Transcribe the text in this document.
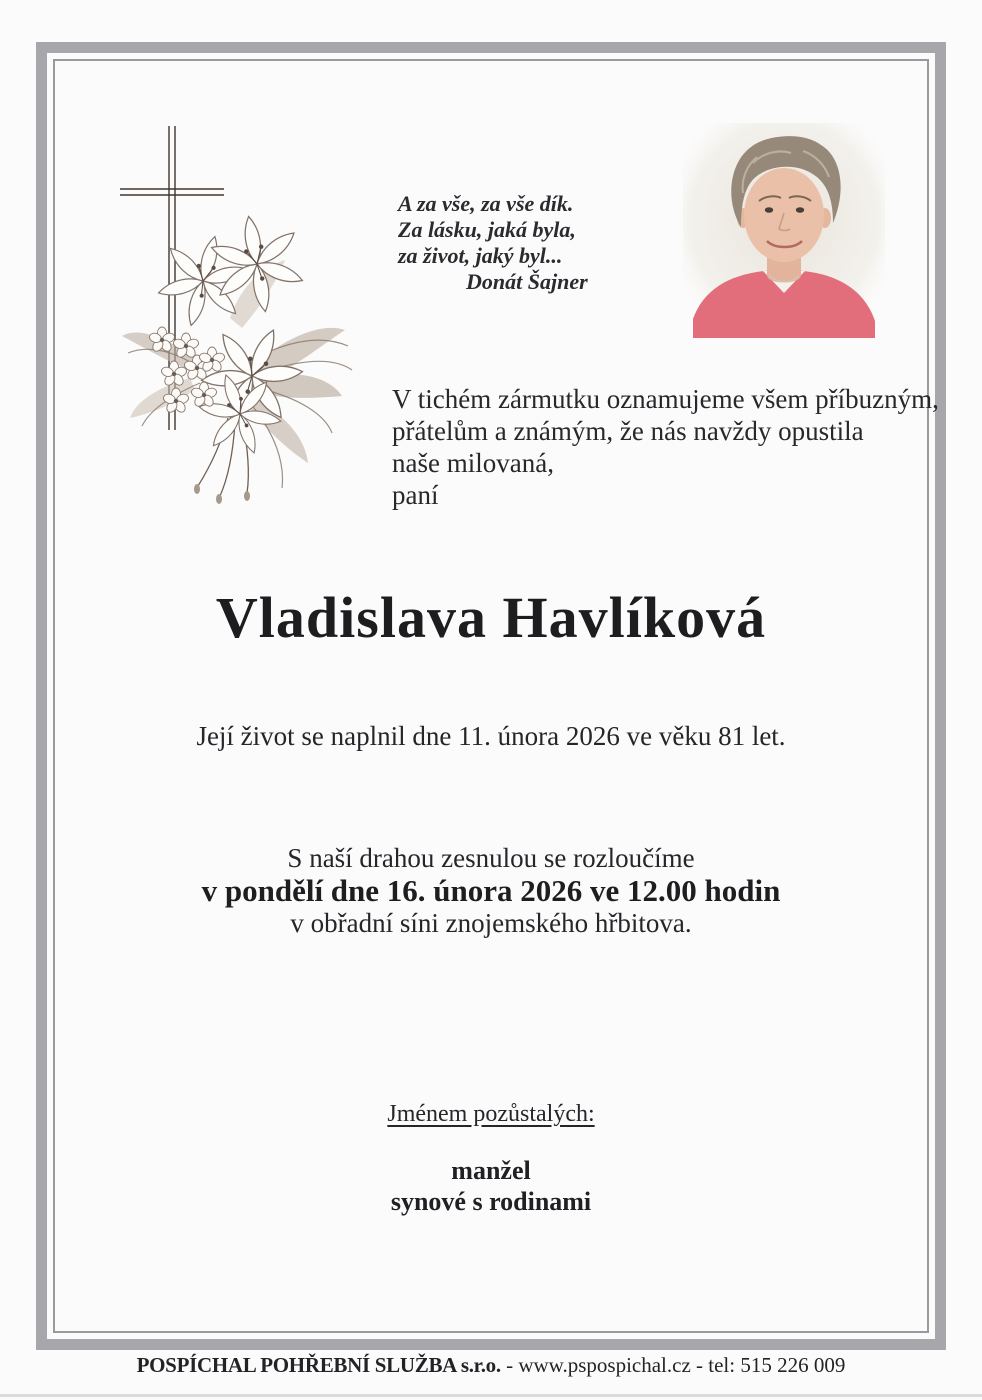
A za vše, za vše dík.
Za lásku, jaká byla,
za život, jaký byl...
Donát Šajner
V tichém zármutku oznamujeme všem příbuzným,
přátelům a známým, že nás navždy opustila
naše milovaná,
paní
Vladislava Havlíková
Její život se naplnil dne 11. února 2026 ve věku 81 let.
S naší drahou zesnulou se rozloučíme
v pondělí dne 16. února 2026 ve 12.00 hodin
v obřadní síni znojemského hřbitova.
Jménem pozůstalých:
manžel
synové s rodinami
POSPÍCHAL POHŘEBNÍ SLUŽBA s.r.o. - www.pspospichal.cz - tel: 515 226 009
